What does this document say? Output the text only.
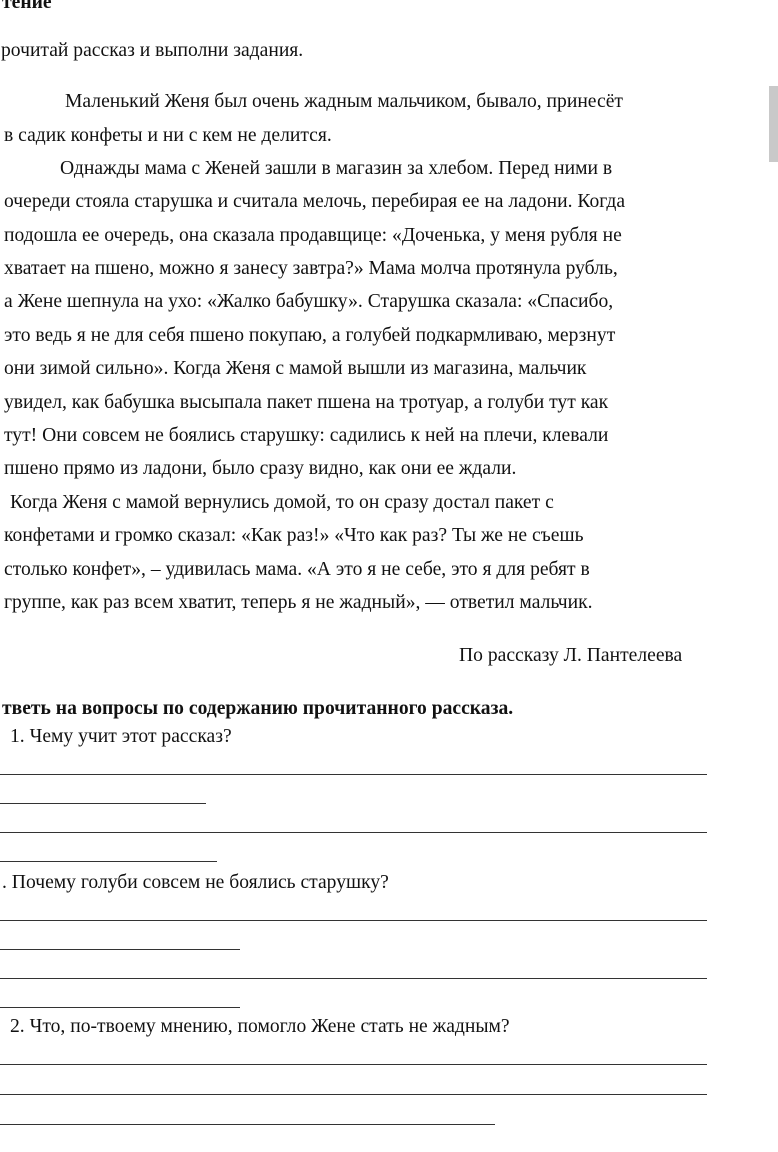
тение

рочитай рассказ и выполни задания.

Маленький Женя был очень жадным мальчиком, бывало, принесёт

в садик конфеты и ни с кем не делится.

Однажды мама с Женей зашли в магазин за хлебом. Перед ними в

очереди стояла старушка и считала мелочь, перебирая ее на ладони. Когда

подошла ее очередь, она сказала продавщице: «Доченька, у меня рубля не

хватает на пшено, можно я занесу завтра?» Мама молча протянула рубль,

а Жене шепнула на ухо: «Жалко бабушку». Старушка сказала: «Спасибо,

это ведь я не для себя пшено покупаю, а голубей подкармливаю, мерзнут

они зимой сильно». Когда Женя с мамой вышли из магазина, мальчик

увидел, как бабушка высыпала пакет пшена на тротуар, а голуби тут как

тут! Они совсем не боялись старушку: садились к ней на плечи, клевали

пшено прямо из ладони, было сразу видно, как они ее ждали.

Когда Женя с мамой вернулись домой, то он сразу достал пакет с

конфетами и громко сказал: «Как раз!» «Что как раз? Ты же не съешь

столько конфет», – удивилась мама. «А это я не себе, это я для ребят в

группе, как раз всем хватит, теперь я не жадный», — ответил мальчик.

По рассказу Л. Пантелеева

тветь на вопросы по содержанию прочитанного рассказа.

1. Чему учит этот рассказ?

. Почему голуби совсем не боялись старушку?

2. Что, по-твоему мнению, помогло Жене стать не жадным?
